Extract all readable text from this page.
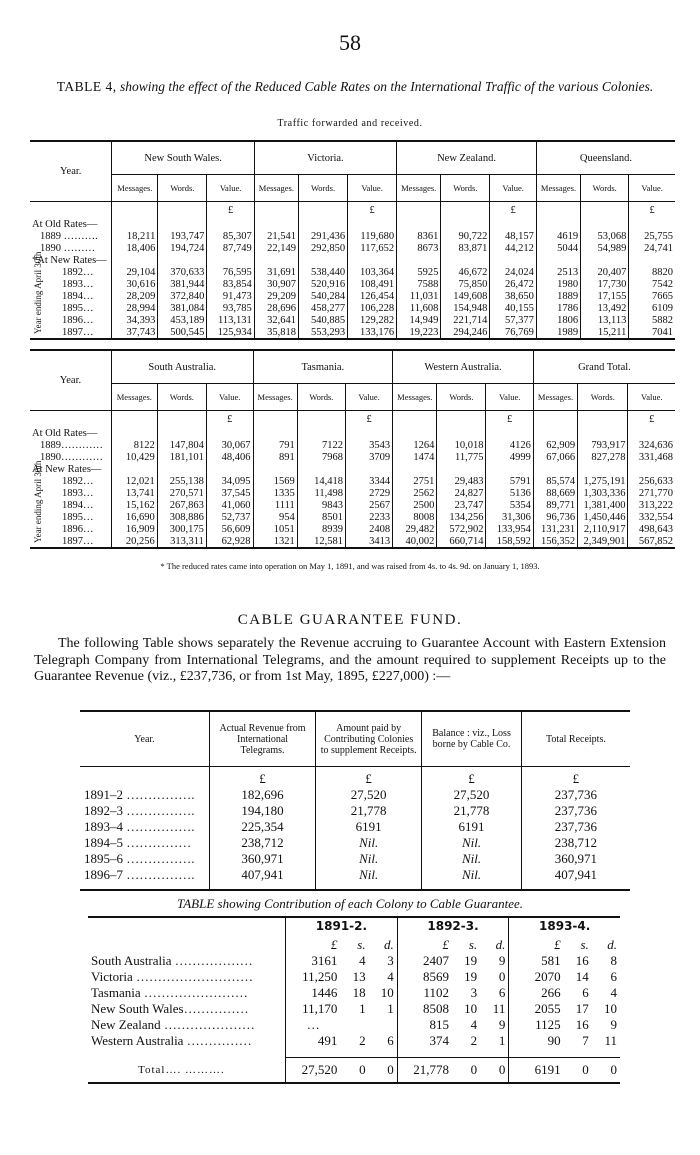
58
TABLE 4, showing the effect of the Reduced Cable Rates on the International Traffic of the various Colonies.
Traffic forwarded and received.
Year.	New South Wales.			Victoria.			New Zealand.			Queensland.		
	Messages.	Words.	Value.	Messages.	Words.	Value.	Messages.	Words.	Value.	Messages.	Words.	Value.
			£			£			£			£
At Old Rates—												
1889 ……….	18,211	193,747	85,307	21,541	291,436	119,680	8361	90,722	48,157	4619	53,068	25,755
1890 ………	18,406	194,724	87,749	22,149	292,850	117,652	8673	83,871	44,212	5044	54,989	24,741
*At New Rates—												

Year ending April 30th 1892…	29,104	370,633	76,595	31,691	538,440	103,364	5925	46,672	24,024	2513	20,407	8820
1893…	30,616	381,944	83,854	30,907	520,916	108,491	7588	75,850	26,472	1980	17,730	7542
1894…	28,209	372,840	91,473	29,209	540,284	126,454	11,031	149,608	38,650	1889	17,155	7665
1895…	28,994	381,084	93,785	28,696	458,277	106,228	11,608	154,948	40,155	1786	13,492	6109
1896…	34,393	453,189	113,131	32,641	540,885	129,282	14,949	221,714	57,377	1806	13,113	5882
1897…	37,743	500,545	125,934	35,818	553,293	133,176	19,223	294,246	76,769	1989	15,211	7041
Year.	South Australia.			Tasmania.			Western Australia.			Grand Total.		
	Messages.	Words.	Value.	Messages.	Words.	Value.	Messages.	Words.	Value.	Messages.	Words.	Value.
			£			£			£			£
At Old Rates—												
1889…………	8122	147,804	30,067	791	7122	3543	1264	10,018	4126	62,909	793,917	324,636
1890…………	10,429	181,101	48,406	891	7968	3709	1474	11,775	4999	67,066	827,278	331,468
At New Rates—												

Year ending April 30th 1892…	12,021	255,138	34,095	1569	14,418	3344	2751	29,483	5791	85,574	1,275,191	256,633
1893…	13,741	270,571	37,545	1335	11,498	2729	2562	24,827	5136	88,669	1,303,336	271,770
1894…	15,162	267,863	41,060	1111	9843	2567	2500	23,747	5354	89,771	1,381,400	313,222
1895…	16,690	308,886	52,737	954	8501	2233	8008	134,256	31,306	96,736	1,450,446	332,554
1896…	16,909	300,175	56,609	1051	8939	2408	29,482	572,902	133,954	131,231	2,110,917	498,643
1897…	20,256	313,311	62,928	1321	12,581	3413	40,002	660,714	158,592	156,352	2,349,901	567,852
* The reduced rates came into operation on May 1, 1891, and was raised from 4s. to 4s. 9d. on January 1, 1893.
CABLE GUARANTEE FUND.
The following Table shows separately the Revenue accruing to Guarantee Account with Eastern Extension Telegraph Company from International Telegrams, and the amount required to supplement Receipts up to the Guarantee Revenue (viz., £237,736, or from 1st May, 1895, £227,000) :—
Year.	Actual Revenue from International Telegrams.	Amount paid by Contributing Colonies to supplement Receipts.	Balance : viz., Loss borne by Cable Co.	Total Receipts.
	£	£	£	£
1891–2 …………….	182,696	27,520	27,520	237,736
1892–3 …………….	194,180	21,778	21,778	237,736
1893–4 …………….	225,354	6191	6191	237,736
1894–5 ……………	238,712	Nil.	Nil.	238,712
1895–6 …………….	360,971	Nil.	Nil.	360,971
1896–7 …………….	407,941	Nil.	Nil.	407,941
TABLE showing Contribution of each Colony to Cable Guarantee.
	1891-2.			1892-3.			1893-4.		
	£	s.	d.	£	s.	d.	£	s.	d.
South Australia ………………	3161	4	3	2407	19	9	581	16	8
Victoria ………………………	11,250	13	4	8569	19	0	2070	14	6
Tasmania ……………………	1446	18	10	1102	3	6	266	6	4
New South Wales……………	11,170	1	1	8508	10	11	2055	17	10
New Zealand …………………	…			815	4	9	1125	16	9
Western Australia ……………	491	2	6	374	2	1	90	7	11

Total…. ……….	27,520	0	0	21,778	0	0	6191	0	0
